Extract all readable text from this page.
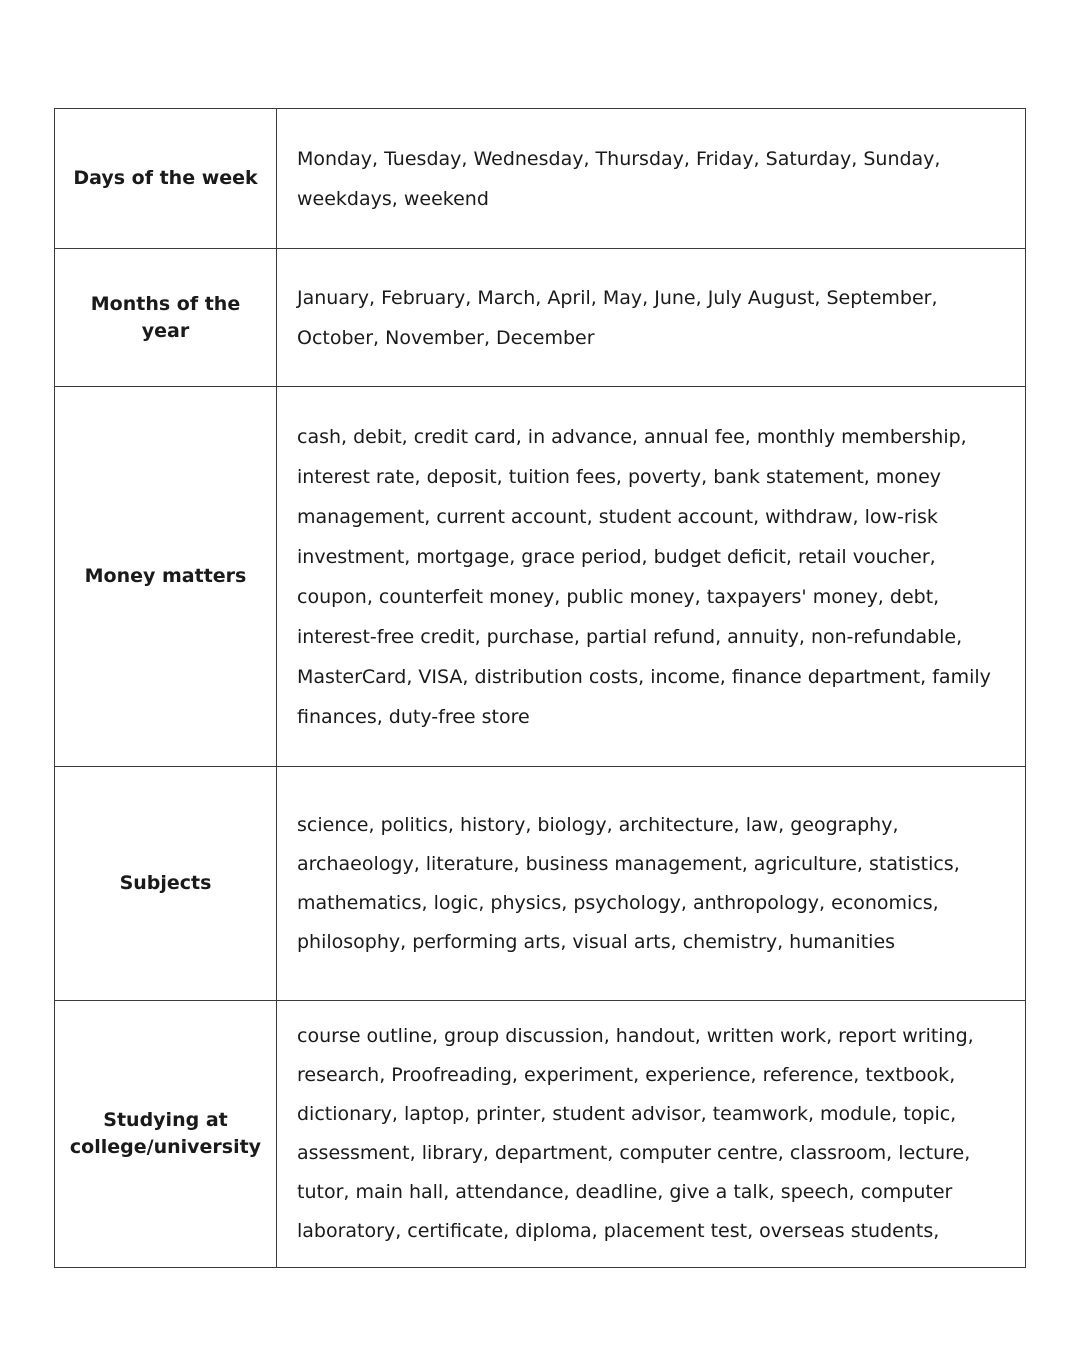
Days of the week	Monday, Tuesday, Wednesday, Thursday, Friday, Saturday, Sunday, weekdays, weekend
Months of the year	January, February, March, April, May, June, July August, September, October, November, December
Money matters	cash, debit, credit card, in advance, annual fee, monthly membership, interest rate, deposit, tuition fees, poverty, bank statement, money management, current account, student account, withdraw, low-risk investment, mortgage, grace period, budget deficit, retail voucher, coupon, counterfeit money, public money, taxpayers' money, debt, interest-free credit, purchase, partial refund, annuity, non-refundable, MasterCard, VISA, distribution costs, income, finance department, family finances, duty-free store
Subjects	science, politics, history, biology, architecture, law, geography, archaeology, literature, business management, agriculture, statistics, mathematics, logic, physics, psychology, anthropology, economics, philosophy, performing arts, visual arts, chemistry, humanities
Studying at college/university	course outline, group discussion, handout, written work, report writing, research, Proofreading, experiment, experience, reference, textbook, dictionary, laptop, printer, student advisor, teamwork, module, topic, assessment, library, department, computer centre, classroom, lecture, tutor, main hall, attendance, deadline, give a talk, speech, computer laboratory, certificate, diploma, placement test, overseas students,
